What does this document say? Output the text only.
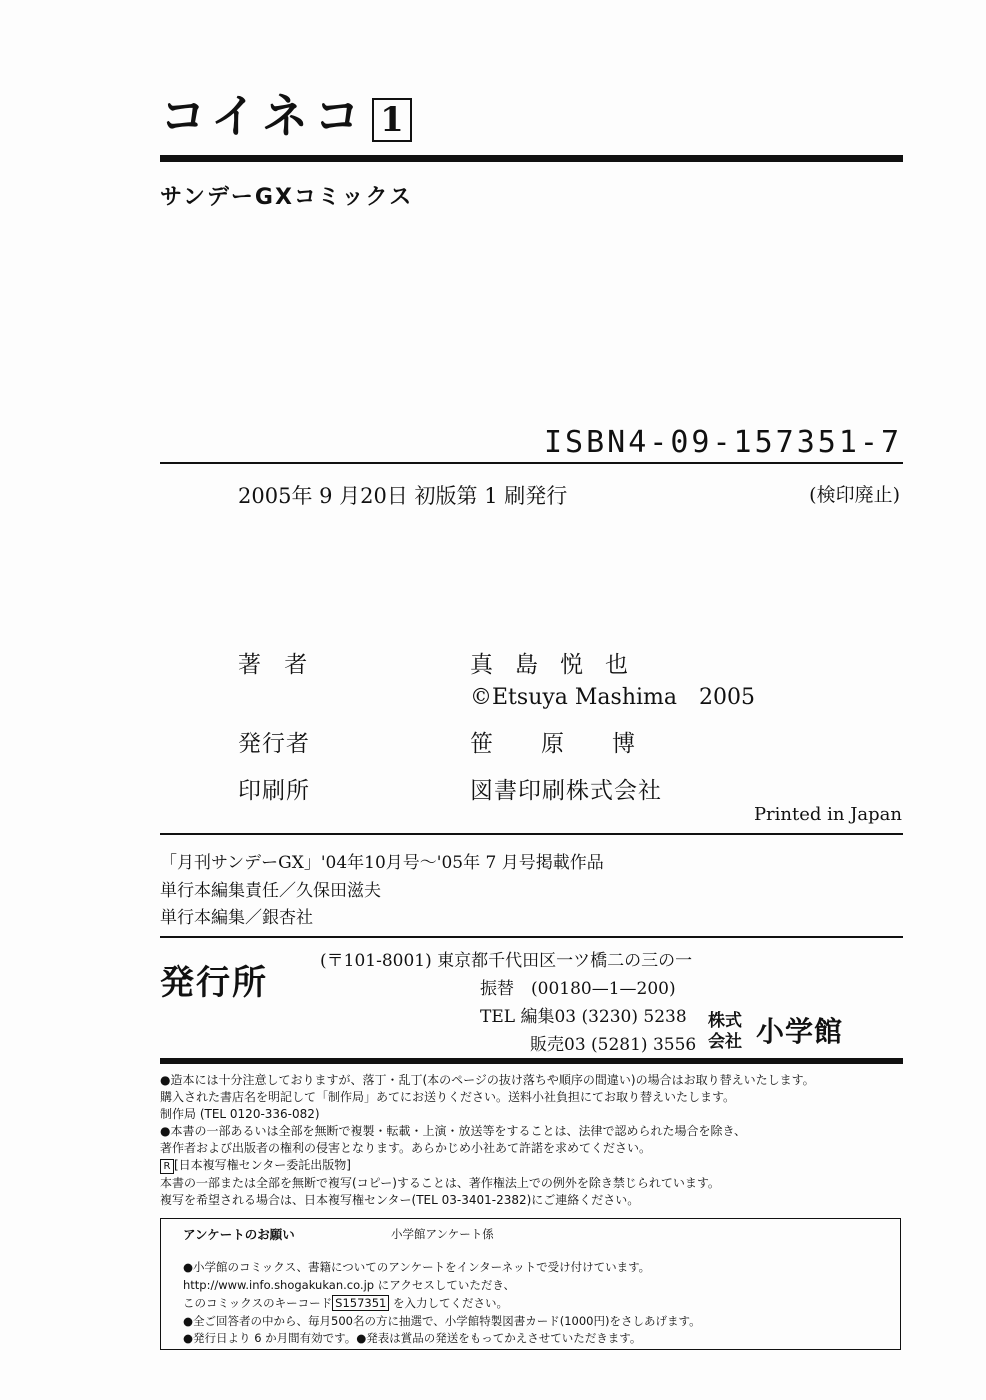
コイネコ 1
サンデーGXコミックス
ISBN4-09-157351-7
2005年 9 月20日 初版第 1 刷発行	(検印廃止)
著 者	真島悦也
©Etsuya Mashima　2005
発行者	笹原博
印刷所	図書印刷株式会社
Printed in Japan
「月刊サンデーGX」'04年10月号～'05年 7 月号掲載作品
単行本編集責任／久保田滋夫
単行本編集／銀杏社
発行所
(〒101-8001) 東京都千代田区一ツ橋二の三の一
振替　(00180—1—200)
TEL 編集03 (3230) 5238
販売03 (5281) 3556
株式
会社 小学館
●造本には十分注意しておりますが、落丁・乱丁(本のページの抜け落ちや順序の間違い)の場合はお取り替えいたします。
購入された書店名を明記して「制作局」あてにお送りください。送料小社負担にてお取り替えいたします。
制作局 (TEL 0120-336-082)
●本書の一部あるいは全部を無断で複製・転載・上演・放送等をすることは、法律で認められた場合を除き、
著作者および出版者の権利の侵害となります。あらかじめ小社あて許諾を求めてください。
R [日本複写権センター委託出版物]
本書の一部または全部を無断で複写(コピー)することは、著作権法上での例外を除き禁じられています。
複写を希望される場合は、日本複写権センター(TEL 03-3401-2382)にご連絡ください。
アンケートのお願い	小学館アンケート係
●小学館のコミックス、書籍についてのアンケートをインターネットで受け付けています。
http://www.info.shogakukan.co.jp にアクセスしていただき、
このコミックスのキーコード S157351 を入力してください。
●全ご回答者の中から、毎月500名の方に抽選で、小学館特製図書カード(1000円)をさしあげます。
●発行日より 6 か月間有効です。●発表は賞品の発送をもってかえさせていただきます。
